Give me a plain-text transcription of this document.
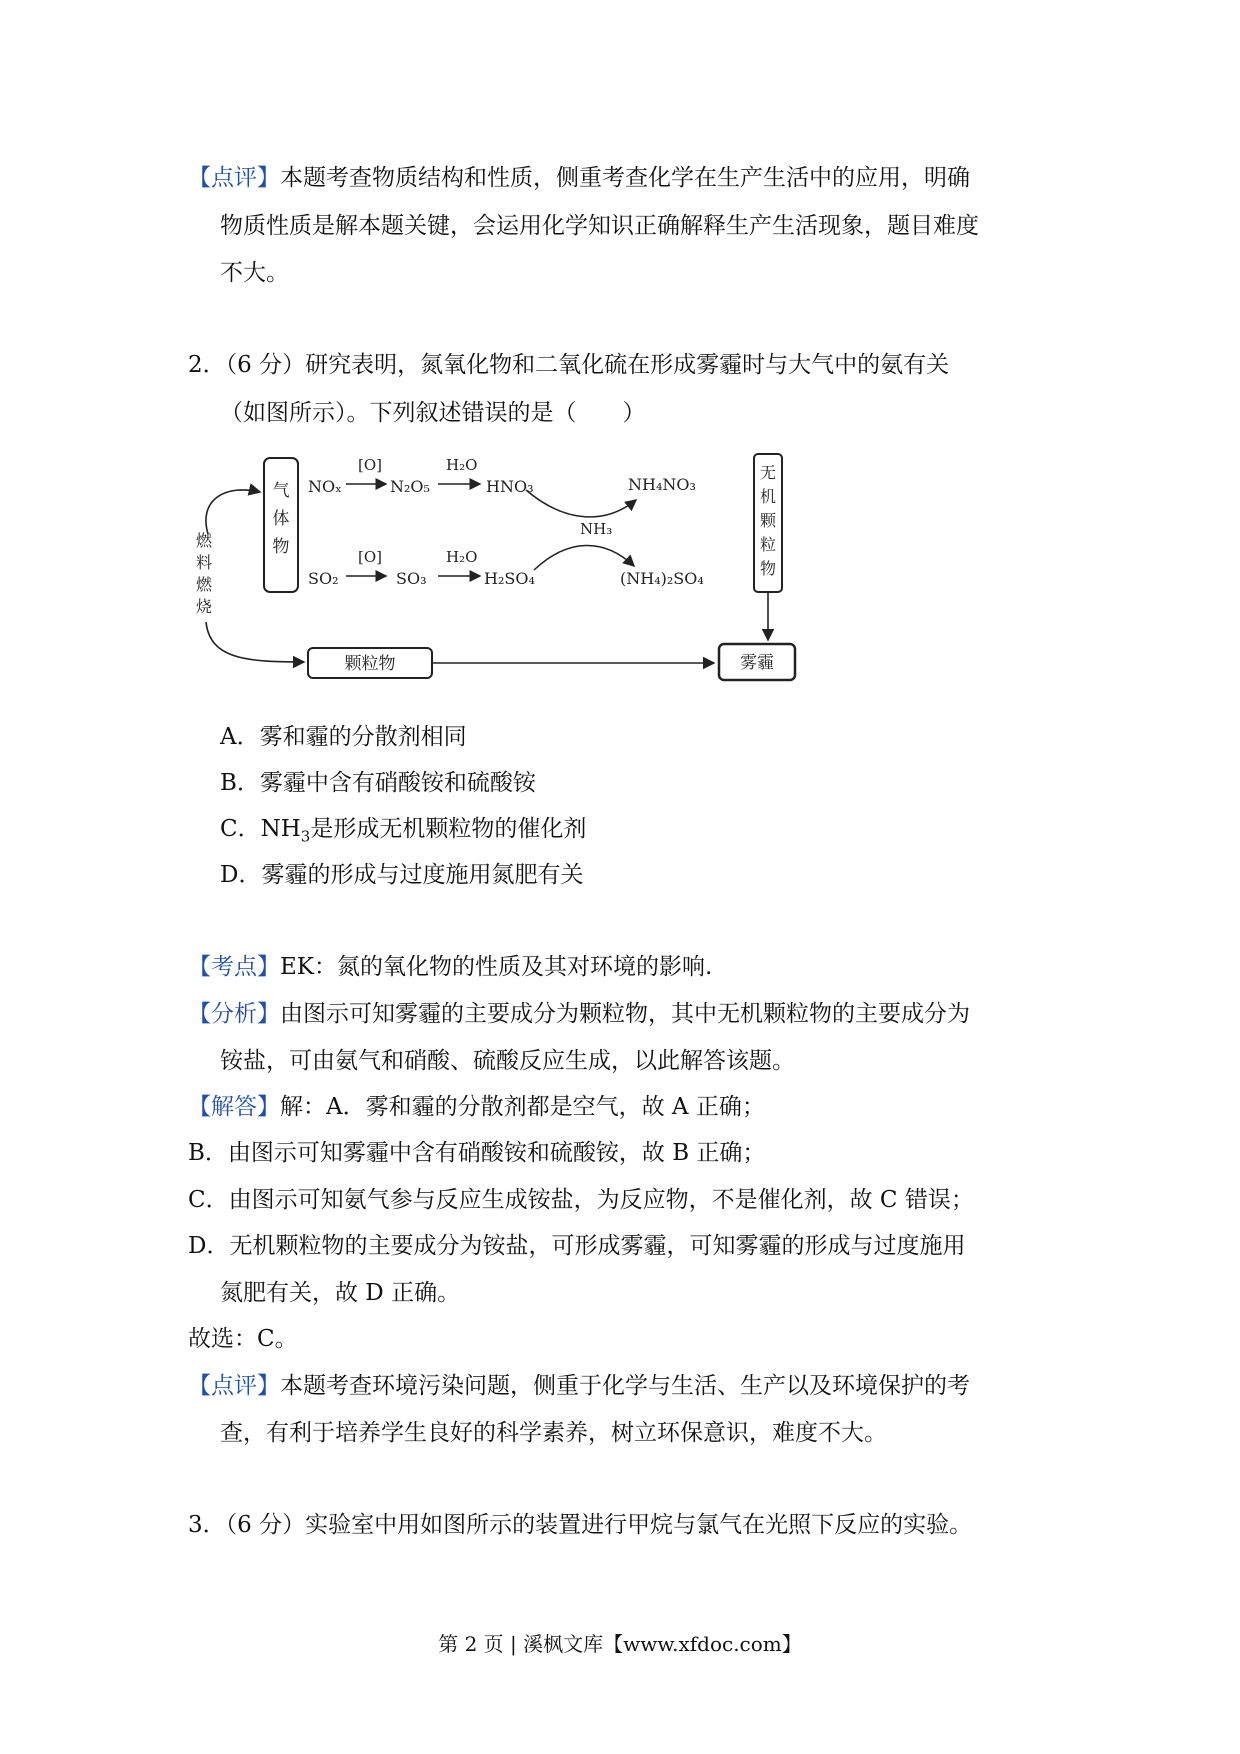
【点评】本题考查物质结构和性质，侧重考查化学在生产生活中的应用，明确
物质性质是解本题关键，会运用化学知识正确解释生产生活现象，题目难度
不大。
2．（6 分）研究表明，氮氧化物和二氧化硫在形成雾霾时与大气中的氨有关
（如图所示）。下列叙述错误的是（　　）
气
体
物
无
机
颗
粒
物
燃
料
燃
烧
颗粒物	雾霾
NOₓ
[O]
N₂O₅
H₂O
HNO₃	NH₄NO₃
NH₃
SO₂
[O]
SO₃
H₂O
H₂SO₄	(NH₄)₂SO₄
A．雾和霾的分散剂相同
B．雾霾中含有硝酸铵和硫酸铵
C．$NH_3$是形成无机颗粒物的催化剂
D．雾霾的形成与过度施用氮肥有关
【考点】EK：氮的氧化物的性质及其对环境的影响.
【分析】由图示可知雾霾的主要成分为颗粒物，其中无机颗粒物的主要成分为
铵盐，可由氨气和硝酸、硫酸反应生成，以此解答该题。
【解答】解：A．雾和霾的分散剂都是空气，故 A 正确；
B．由图示可知雾霾中含有硝酸铵和硫酸铵，故 B 正确；
C．由图示可知氨气参与反应生成铵盐，为反应物，不是催化剂，故 C 错误；
D．无机颗粒物的主要成分为铵盐，可形成雾霾，可知雾霾的形成与过度施用
氮肥有关，故 D 正确。
故选：C。
【点评】本题考查环境污染问题，侧重于化学与生活、生产以及环境保护的考
查，有利于培养学生良好的科学素养，树立环保意识，难度不大。
3．（6 分）实验室中用如图所示的装置进行甲烷与氯气在光照下反应的实验。
第 2 页 | 溪枫文库【www.xfdoc.com】
